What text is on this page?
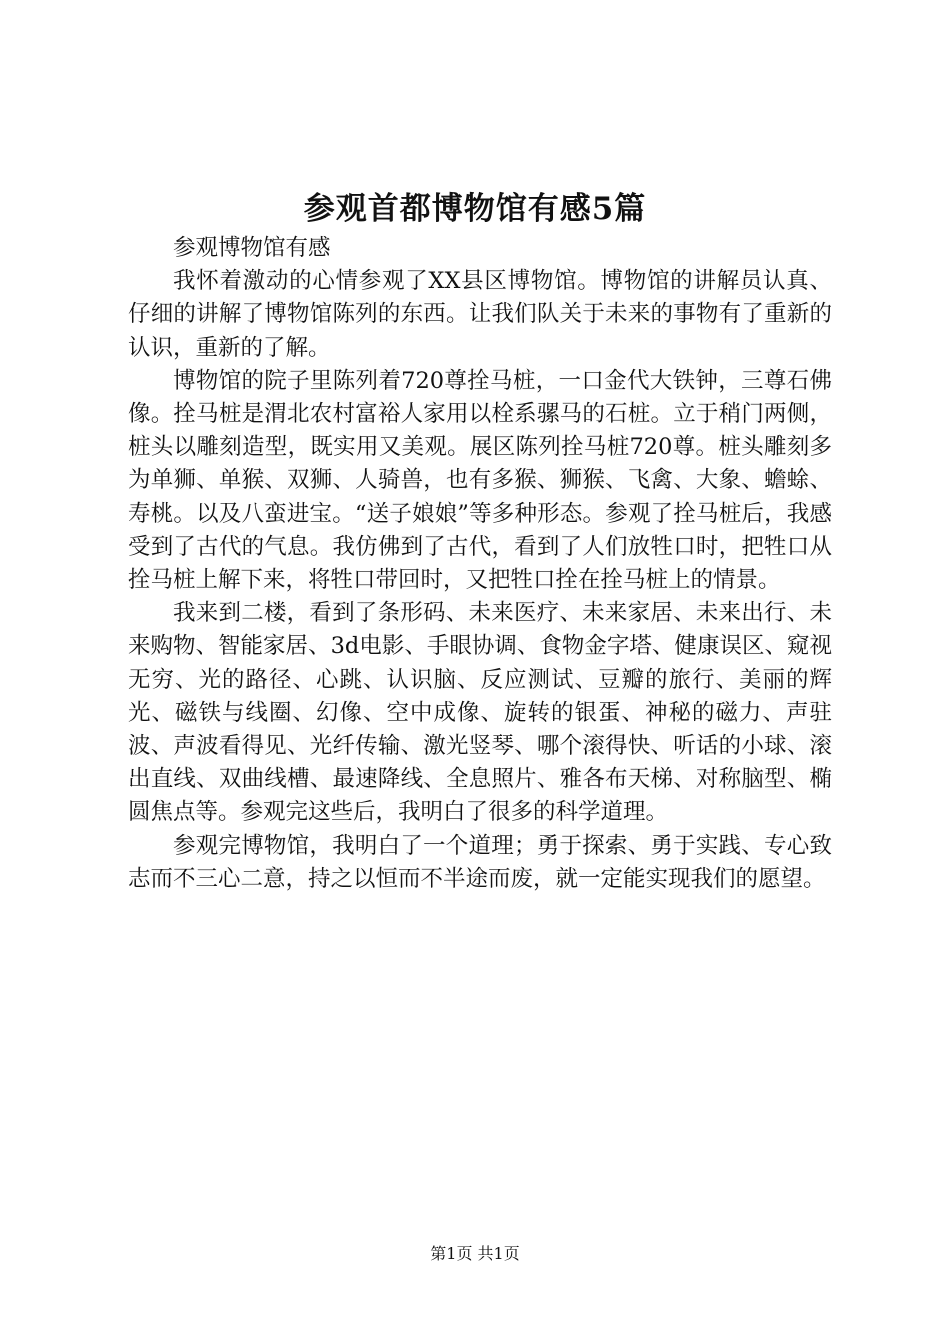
参观首都博物馆有感5篇

参观博物馆有感

我怀着激动的心情参观了XX县区博物馆。博物馆的讲解员认真、仔细的讲解了博物馆陈列的东西。让我们队关于未来的事物有了重新的认识，重新的了解。

博物馆的院子里陈列着720尊拴马桩，一口金代大铁钟，三尊石佛像。拴马桩是渭北农村富裕人家用以栓系骡马的石桩。立于稍门两侧，桩头以雕刻造型，既实用又美观。展区陈列拴马桩720尊。桩头雕刻多为单狮、单猴、双狮、人骑兽，也有多猴、狮猴、飞禽、大象、蟾蜍、寿桃。以及八蛮进宝。“送子娘娘”等多种形态。参观了拴马桩后，我感受到了古代的气息。我仿佛到了古代，看到了人们放牲口时，把牲口从拴马桩上解下来，将牲口带回时，又把牲口拴在拴马桩上的情景。

我来到二楼，看到了条形码、未来医疗、未来家居、未来出行、未来购物、智能家居、3d电影、手眼协调、食物金字塔、健康误区、窥视无穷、光的路径、心跳、认识脑、反应测试、豆瓣的旅行、美丽的辉光、磁铁与线圈、幻像、空中成像、旋转的银蛋、神秘的磁力、声驻波、声波看得见、光纤传输、激光竖琴、哪个滚得快、听话的小球、滚出直线、双曲线槽、最速降线、全息照片、雅各布天梯、对称脑型、椭圆焦点等。参观完这些后，我明白了很多的科学道理。

参观完博物馆，我明白了一个道理；勇于探索、勇于实践、专心致志而不三心二意，持之以恒而不半途而废，就一定能实现我们的愿望。

第1页 共1页
